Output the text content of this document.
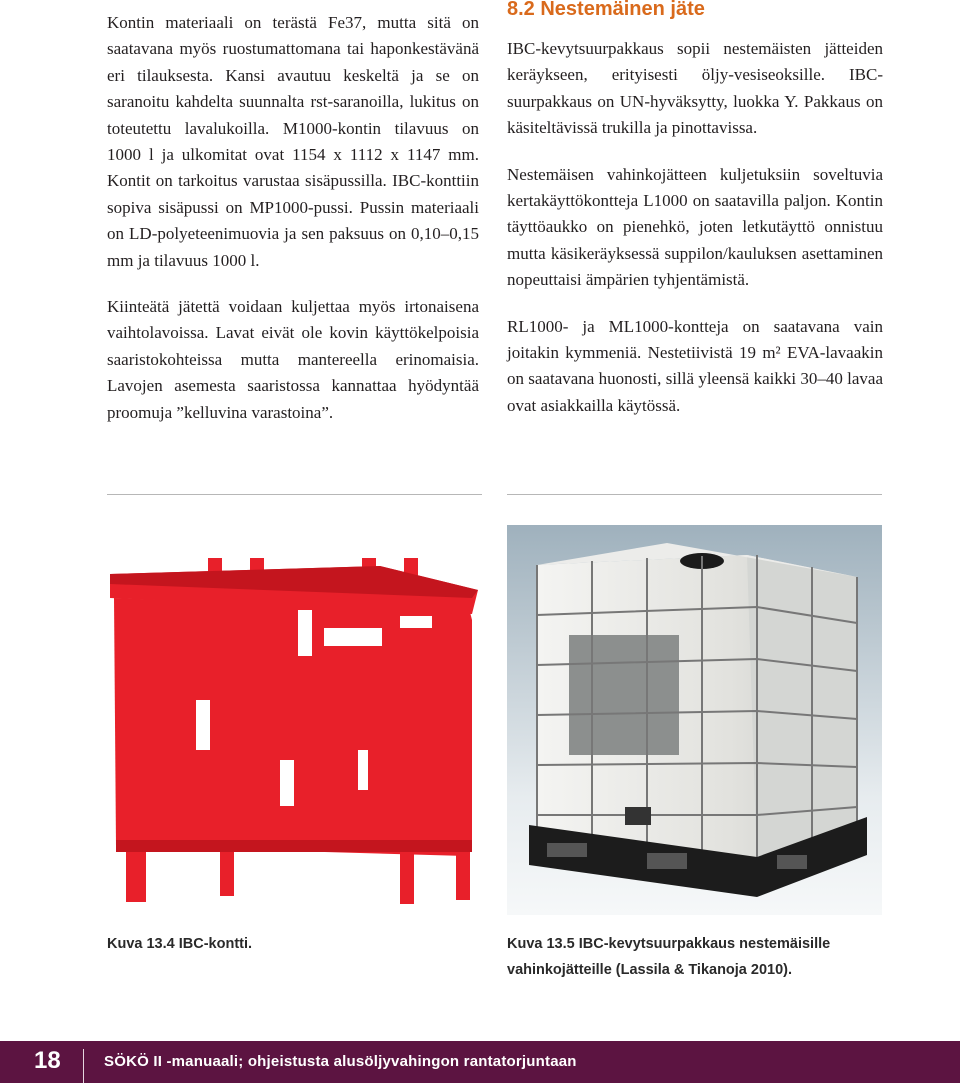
Kontin materiaali on terästä Fe37, mutta sitä on saatavana myös ruostumattomana tai haponkestävänä eri tilauksesta. Kansi avautuu keskeltä ja se on saranoitu kahdelta suunnalta rst-saranoilla, lukitus on toteutettu lavalukoilla. M1000-kontin tilavuus on 1000 l ja ulkomitat ovat 1154 x 1112 x 1147 mm. Kontit on tarkoitus varustaa sisäpussilla. IBC-konttiin sopiva sisäpussi on MP1000-pussi. Pussin materiaali on LD-polyeteenimuovia ja sen paksuus on 0,10–0,15 mm ja tilavuus 1000 l.

Kiinteätä jätettä voidaan kuljettaa myös irtonaisena vaihtolavoissa. Lavat eivät ole kovin käyttökelpoisia saaristokohteissa mutta mantereella erinomaisia. Lavojen asemesta saaristossa kannattaa hyödyntää proomuja ”kelluvina varastoina”.

8.2 Nestemäinen jäte

IBC-kevytsuurpakkaus sopii nestemäisten jätteiden keräykseen, erityisesti öljy-vesiseoksille. IBC-suurpakkaus on UN-hyväksytty, luokka Y. Pakkaus on käsiteltävissä trukilla ja pinottavissa.

Nestemäisen vahinkojätteen kuljetuksiin soveltuvia kertakäyttökontteja L1000 on saatavilla paljon. Kontin täyttöaukko on pienehkö, joten letkutäyttö onnistuu mutta käsikeräyksessä suppilon/kauluksen asettaminen nopeuttaisi ämpärien tyhjentämistä.

RL1000- ja ML1000-kontteja on saatavana vain joitakin kymmeniä. Nestetiivistä 19 m² EVA-lavaakin on saatavana huonosti, sillä yleensä kaikki 30–40 lavaa ovat asiakkailla käytössä.

Kuva 13.4 IBC-kontti.	Kuva 13.5 IBC-kevytsuurpakkaus nestemäisille vahinkojätteille (Lassila & Tikanoja 2010).
18	SÖKÖ II -manuaali; ohjeistusta alusöljyvahingon rantatorjuntaan
